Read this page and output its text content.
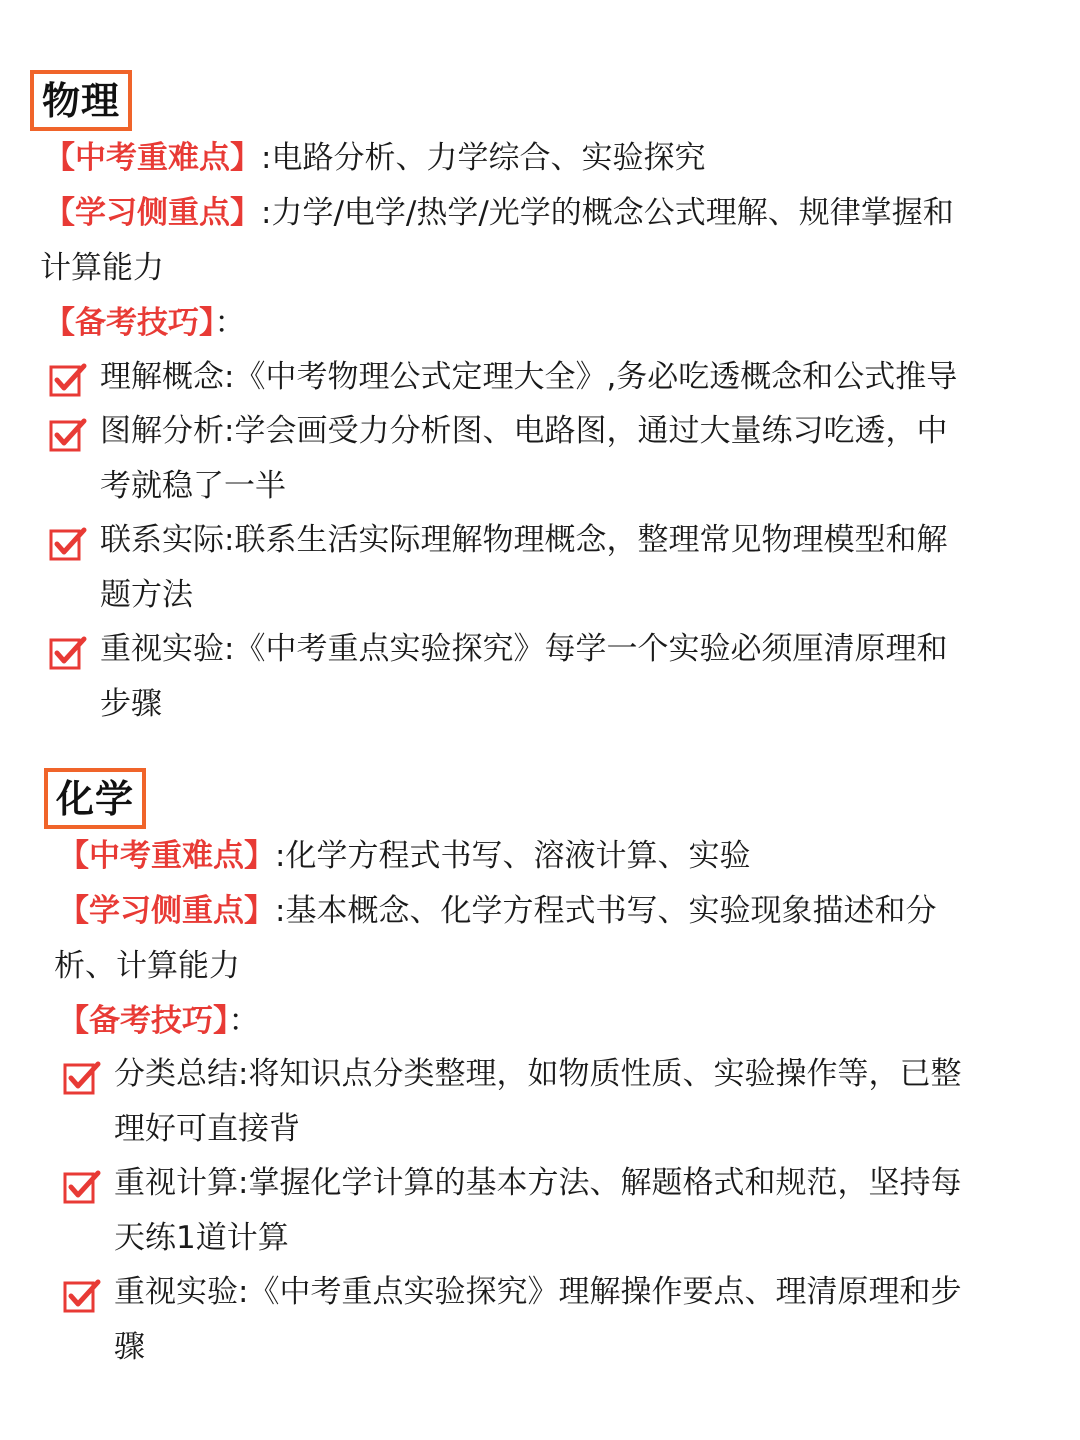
物理
【中考重难点】:电路分析、力学综合、实验探究
【学习侧重点】:力学/电学/热学/光学的概念公式理解、规律掌握和
计算能力
【备考技巧】：
理解概念:《中考物理公式定理大全》,务必吃透概念和公式推导
图解分析:学会画受力分析图、电路图，通过大量练习吃透，中
考就稳了一半
联系实际:联系生活实际理解物理概念，整理常见物理模型和解
题方法
重视实验:《中考重点实验探究》每学一个实验必须厘清原理和
步骤
化学
【中考重难点】:化学方程式书写、溶液计算、实验
【学习侧重点】:基本概念、化学方程式书写、实验现象描述和分
析、计算能力
【备考技巧】：
分类总结:将知识点分类整理，如物质性质、实验操作等，已整
理好可直接背
重视计算:掌握化学计算的基本方法、解题格式和规范，坚持每
天练1道计算
重视实验:《中考重点实验探究》理解操作要点、理清原理和步
骤
